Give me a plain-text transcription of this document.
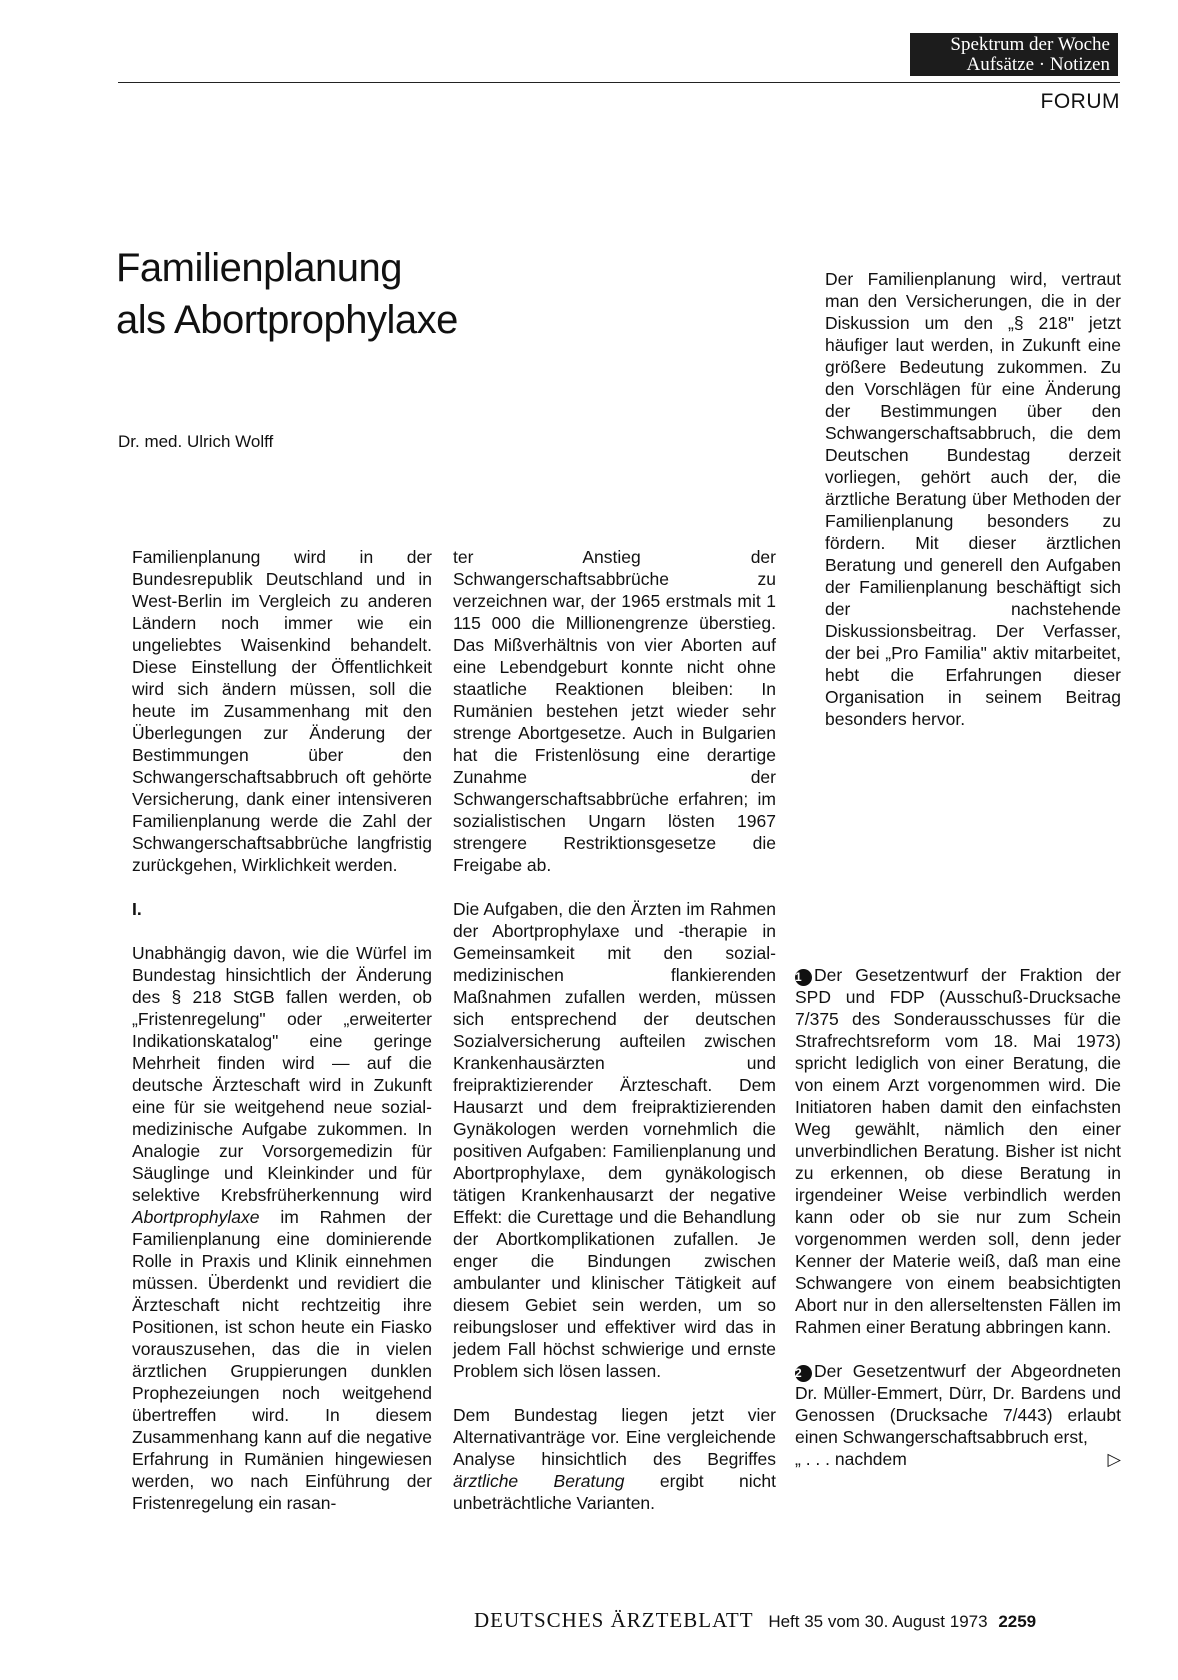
Spektrum der Woche
Aufsätze · Notizen
FORUM
Familienplanung
als Abortprophylaxe
Dr. med. Ulrich Wolff

Familienplanung wird in der Bundesrepublik Deutschland und in West-Berlin im Vergleich zu anderen Ländern noch immer wie ein ungeliebtes Waisenkind behandelt. Diese Einstellung der Öffentlichkeit wird sich ändern müssen, soll die heute im Zusammenhang mit den Überlegungen zur Änderung der Bestimmungen über den Schwangerschaftsabbruch oft gehörte Versicherung, dank einer intensiveren Familienplanung werde die Zahl der Schwangerschaftsabbrüche langfristig zurückgehen, Wirklichkeit werden.

I.

Unabhängig davon, wie die Würfel im Bundestag hinsichtlich der Änderung des § 218 StGB fallen werden, ob „Fristenregelung" oder „erweiterter Indikationskatalog" eine geringe Mehrheit finden wird — auf die deutsche Ärzteschaft wird in Zukunft eine für sie weitgehend neue sozial-medizinische Aufgabe zukommen. In Analogie zur Vorsorgemedizin für Säuglinge und Kleinkinder und für selektive Krebsfrüherkennung wird Abortprophylaxe im Rahmen der Familienplanung eine dominierende Rolle in Praxis und Klinik einnehmen müssen. Überdenkt und revidiert die Ärzteschaft nicht rechtzeitig ihre Positionen, ist schon heute ein Fiasko vorauszusehen, das die in vielen ärztlichen Gruppierungen dunklen Prophezeiungen noch weitgehend übertreffen wird. In diesem Zusammenhang kann auf die negative Erfahrung in Rumänien hingewiesen werden, wo nach Einführung der Fristenregelung ein rasan-

ter Anstieg der Schwangerschaftsabbrüche zu verzeichnen war, der 1965 erstmals mit 1 115 000 die Millionengrenze überstieg. Das Mißverhältnis von vier Aborten auf eine Lebendgeburt konnte nicht ohne staatliche Reaktionen bleiben: In Rumänien bestehen jetzt wieder sehr strenge Abortgesetze. Auch in Bulgarien hat die Fristenlösung eine derartige Zunahme der Schwangerschaftsabbrüche erfahren; im sozialistischen Ungarn lösten 1967 strengere Restriktionsgesetze die Freigabe ab.

Die Aufgaben, die den Ärzten im Rahmen der Abortprophylaxe und -therapie in Gemeinsamkeit mit den sozial-medizinischen flankierenden Maßnahmen zufallen werden, müssen sich entsprechend der deutschen Sozialversicherung aufteilen zwischen Krankenhausärzten und freipraktizierender Ärzteschaft. Dem Hausarzt und dem freipraktizierenden Gynäkologen werden vornehmlich die positiven Aufgaben: Familienplanung und Abortprophylaxe, dem gynäkologisch tätigen Krankenhausarzt der negative Effekt: die Curettage und die Behandlung der Abortkomplikationen zufallen. Je enger die Bindungen zwischen ambulanter und klinischer Tätigkeit auf diesem Gebiet sein werden, um so reibungsloser und effektiver wird das in jedem Fall höchst schwierige und ernste Problem sich lösen lassen.

Dem Bundestag liegen jetzt vier Alternativanträge vor. Eine vergleichende Analyse hinsichtlich des Begriffes ärztliche Beratung ergibt nicht unbeträchtliche Varianten.

Der Familienplanung wird, vertraut man den Versicherungen, die in der Diskussion um den „§ 218" jetzt häufiger laut werden, in Zukunft eine größere Bedeutung zukommen. Zu den Vorschlägen für eine Änderung der Bestimmungen über den Schwangerschaftsabbruch, die dem Deutschen Bundestag derzeit vorliegen, gehört auch der, die ärztliche Beratung über Methoden der Familienplanung besonders zu fördern. Mit dieser ärztlichen Beratung und generell den Aufgaben der Familienplanung beschäftigt sich der nachstehende Diskussionsbeitrag. Der Verfasser, der bei „Pro Familia" aktiv mitarbeitet, hebt die Erfahrungen dieser Organisation in seinem Beitrag besonders hervor.

1 Der Gesetzentwurf der Fraktion der SPD und FDP (Ausschuß-Drucksache 7/375 des Sonderausschusses für die Strafrechtsreform vom 18. Mai 1973) spricht lediglich von einer Beratung, die von einem Arzt vorgenommen wird. Die Initiatoren haben damit den einfachsten Weg gewählt, nämlich den einer unverbindlichen Beratung. Bisher ist nicht zu erkennen, ob diese Beratung in irgendeiner Weise verbindlich werden kann oder ob sie nur zum Schein vorgenommen werden soll, denn jeder Kenner der Materie weiß, daß man eine Schwangere von einem beabsichtigten Abort nur in den allerseltensten Fällen im Rahmen einer Beratung abbringen kann.

2 Der Gesetzentwurf der Abgeordneten Dr. Müller-Emmert, Dürr, Dr. Bardens und Genossen (Drucksache 7/443) erlaubt einen Schwangerschaftsabbruch erst,

„ . . . nachdem	▷

DEUTSCHES ÄRZTEBLATT Heft 35 vom 30. August 1973 2259
